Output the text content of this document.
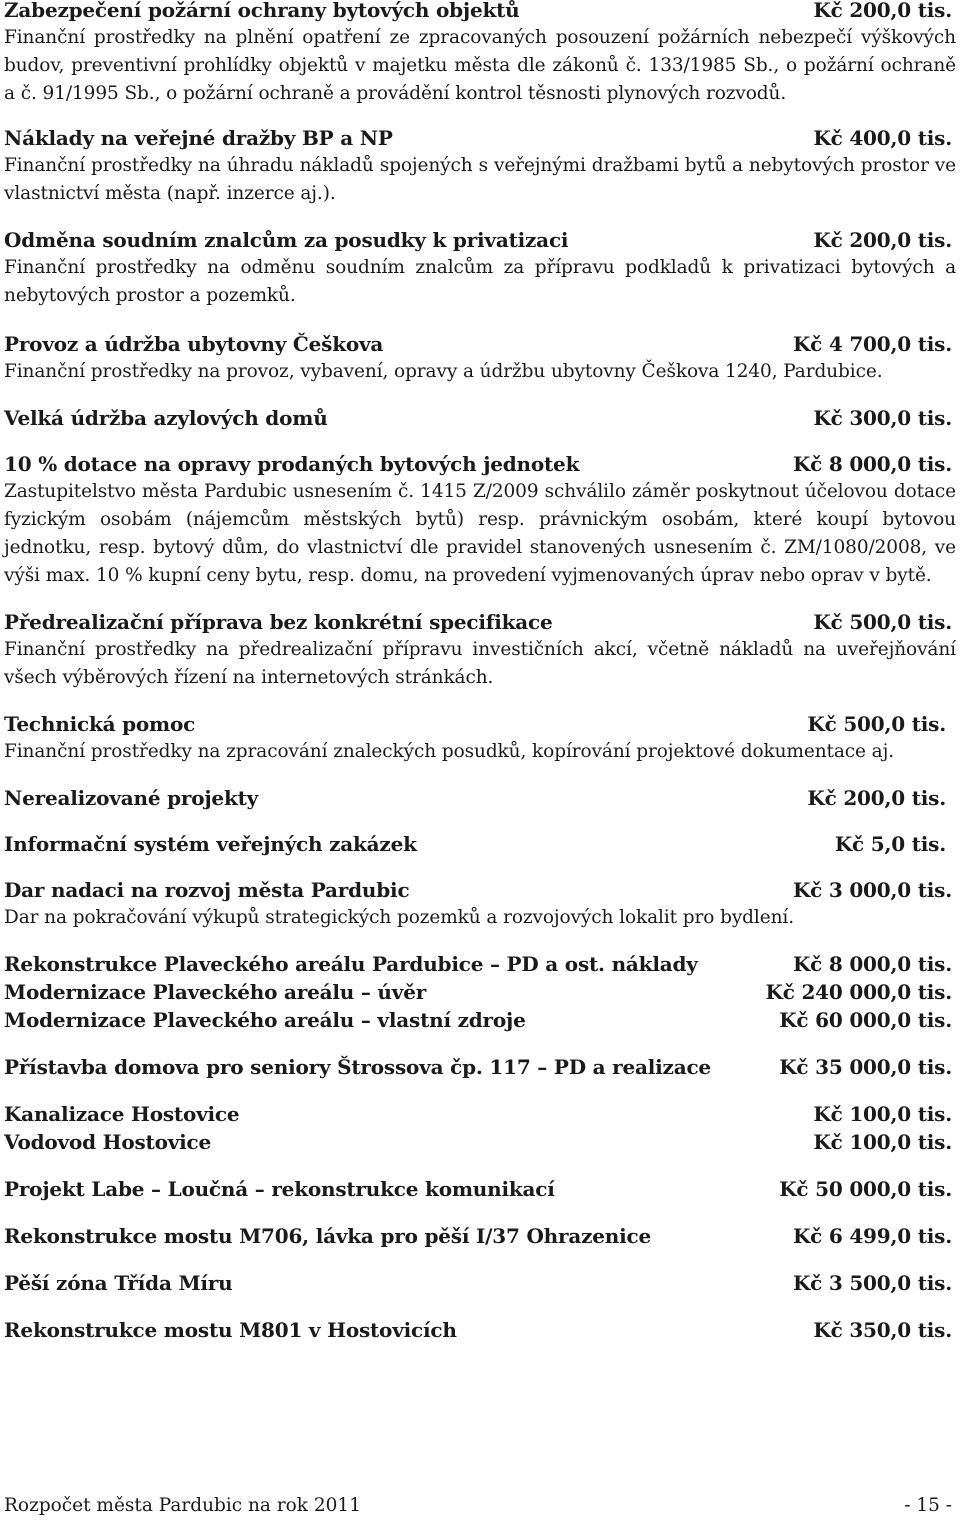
Zabezpečení požární ochrany bytových objektů	Kč 200,0 tis.
Finanční prostředky na plnění opatření ze zpracovaných posouzení požárních nebezpečí výškových budov, preventivní prohlídky objektů v majetku města dle zákonů č. 133/1985 Sb., o požární ochraně a č. 91/1995 Sb., o požární ochraně a provádění kontrol těsnosti plynových rozvodů.
Náklady na veřejné dražby BP a NP	Kč 400,0 tis.
Finanční prostředky na úhradu nákladů spojených s veřejnými dražbami bytů a nebytových prostor ve vlastnictví města (např. inzerce aj.).
Odměna soudním znalcům za posudky k privatizaci	Kč 200,0 tis.
Finanční prostředky na odměnu soudním znalcům za přípravu podkladů k privatizaci bytových a nebytových prostor a pozemků.
Provoz a údržba ubytovny Češkova	Kč 4 700,0 tis.
Finanční prostředky na provoz, vybavení, opravy a údržbu ubytovny Češkova 1240, Pardubice.
Velká údržba azylových domů	Kč 300,0 tis.
10 % dotace na opravy prodaných bytových jednotek	Kč 8 000,0 tis.
Zastupitelstvo města Pardubic usnesením č. 1415 Z/2009 schválilo záměr poskytnout účelovou dotace fyzickým osobám (nájemcům městských bytů) resp. právnickým osobám, které koupí bytovou jednotku, resp. bytový dům, do vlastnictví dle pravidel stanovených usnesením č. ZM/1080/2008, ve výši max. 10 % kupní ceny bytu, resp. domu, na provedení vyjmenovaných úprav nebo oprav v bytě.
Předrealizační příprava bez konkrétní specifikace	Kč 500,0 tis.
Finanční prostředky na předrealizační přípravu investičních akcí, včetně nákladů na uveřejňování všech výběrových řízení na internetových stránkách.
Technická pomoc	Kč 500,0 tis.
Finanční prostředky na zpracování znaleckých posudků, kopírování projektové dokumentace aj.
Nerealizované projekty	Kč 200,0 tis.
Informační systém veřejných zakázek	Kč 5,0 tis.
Dar nadaci na rozvoj města Pardubic	Kč 3 000,0 tis.
Dar na pokračování výkupů strategických pozemků a rozvojových lokalit pro bydlení.
Rekonstrukce Plaveckého areálu Pardubice – PD a ost. náklady	Kč 8 000,0 tis.
Modernizace Plaveckého areálu – úvěr	Kč 240 000,0 tis.
Modernizace Plaveckého areálu – vlastní zdroje	Kč 60 000,0 tis.
Přístavba domova pro seniory Štrossova čp. 117 – PD a realizace	Kč 35 000,0 tis.
Kanalizace Hostovice	Kč 100,0 tis.
Vodovod Hostovice	Kč 100,0 tis.
Projekt Labe – Loučná – rekonstrukce komunikací	Kč 50 000,0 tis.
Rekonstrukce mostu M706, lávka pro pěší I/37 Ohrazenice	Kč 6 499,0 tis.
Pěší zóna Třída Míru	Kč 3 500,0 tis.
Rekonstrukce mostu M801 v Hostovicích	Kč 350,0 tis.
Rozpočet města Pardubic na rok 2011	- 15 -
